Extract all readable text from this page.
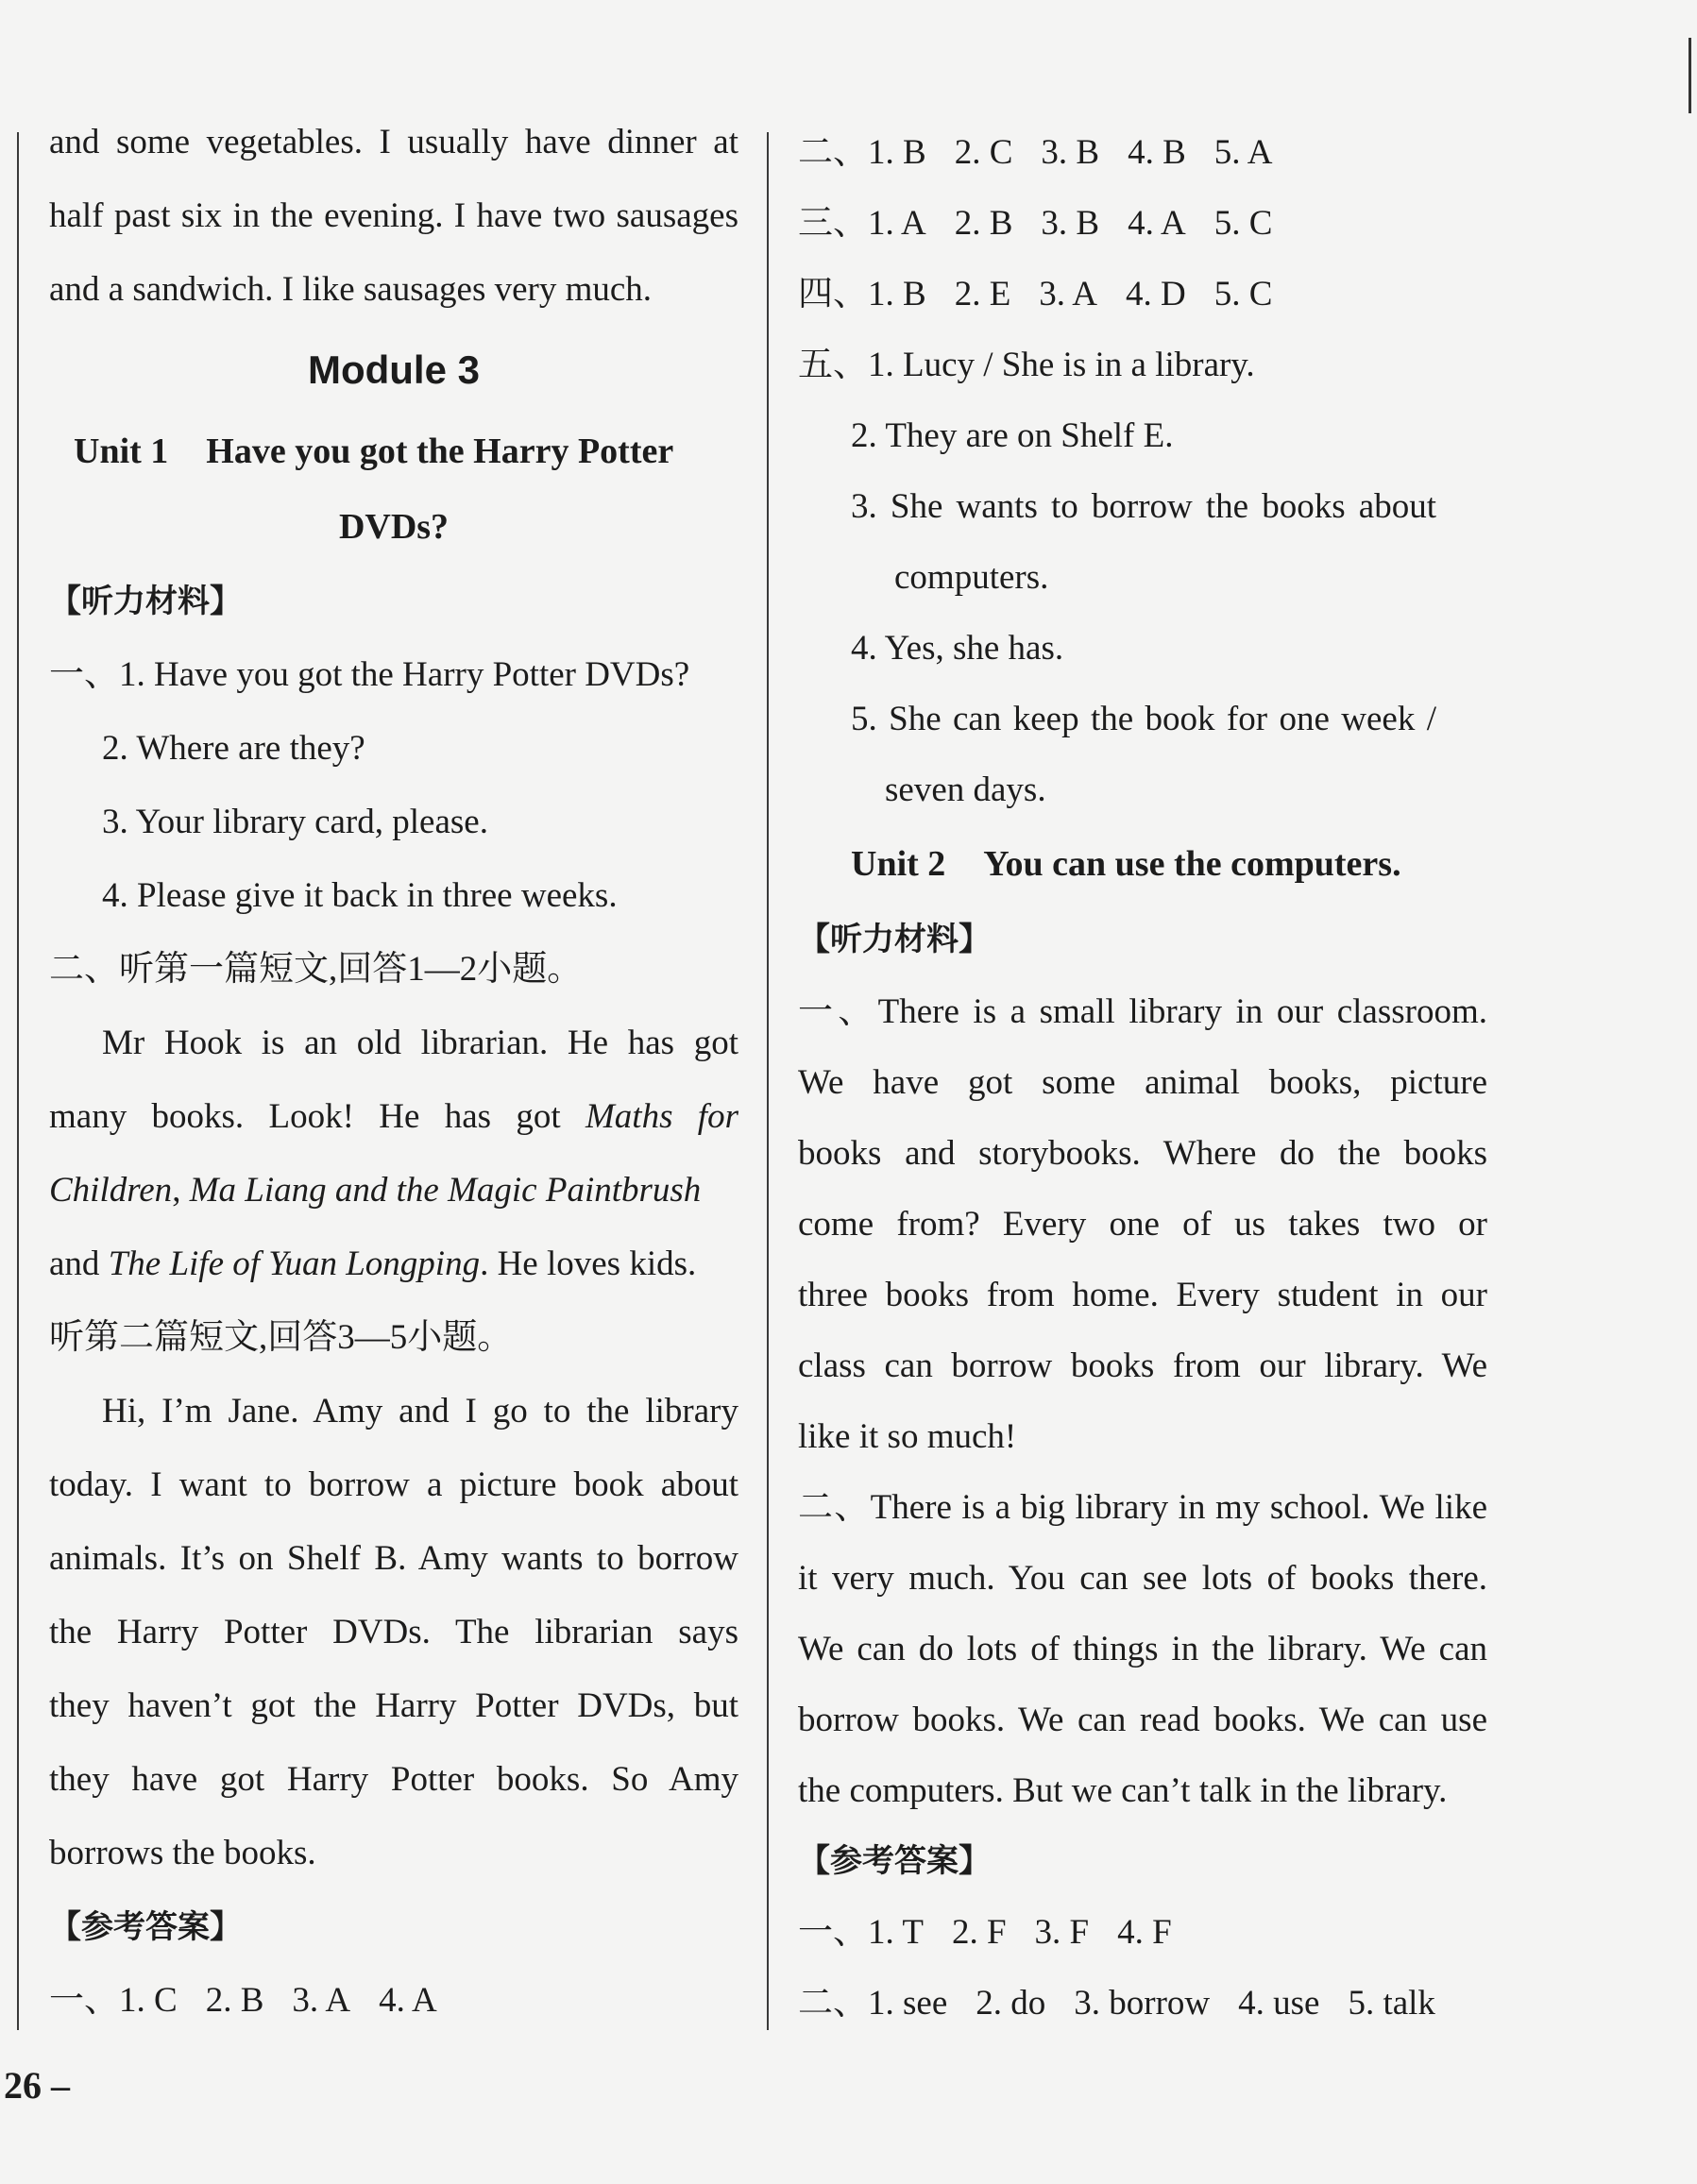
and some vegetables. I usually have dinner at
half past six in the evening. I have two sausages
and a sandwich. I like sausages very much.
Module 3
Unit 1 Have you got the Harry Potter
DVDs?
【听力材料】
一、1. Have you got the Harry Potter DVDs?
2. Where are they?
3. Your library card, please.
4. Please give it back in three weeks.
二、听第一篇短文,回答1—2小题。
Mr Hook is an old librarian. He has got
many books. Look! He has got Maths for
Children, Ma Liang and the Magic Paintbrush
and The Life of Yuan Longping. He loves kids.
听第二篇短文,回答3—5小题。
Hi, I’m Jane. Amy and I go to the library
today. I want to borrow a picture book about
animals. It’s on Shelf B. Amy wants to borrow
the Harry Potter DVDs. The librarian says
they haven’t got the Harry Potter DVDs, but
they have got Harry Potter books. So Amy
borrows the books.
【参考答案】
一、1. C 2. B 3. A 4. A
二、1. B 2. C 3. B 4. B 5. A
三、1. A 2. B 3. B 4. A 5. C
四、1. B 2. E 3. A 4. D 5. C
五、1. Lucy / She is in a library.
2. They are on Shelf E.
3. She wants to borrow the books about
computers.
4. Yes, she has.
5. She can keep the book for one week /
seven days.
Unit 2 You can use the computers.
【听力材料】
一、There is a small library in our classroom.
We have got some animal books, picture
books and storybooks. Where do the books
come from? Every one of us takes two or
three books from home. Every student in our
class can borrow books from our library. We
like it so much!
二、There is a big library in my school. We like
it very much. You can see lots of books there.
We can do lots of things in the library. We can
borrow books. We can read books. We can use
the computers. But we can’t talk in the library.
【参考答案】
一、1. T 2. F 3. F 4. F
二、1. see 2. do 3. borrow 4. use 5. talk
26 –
